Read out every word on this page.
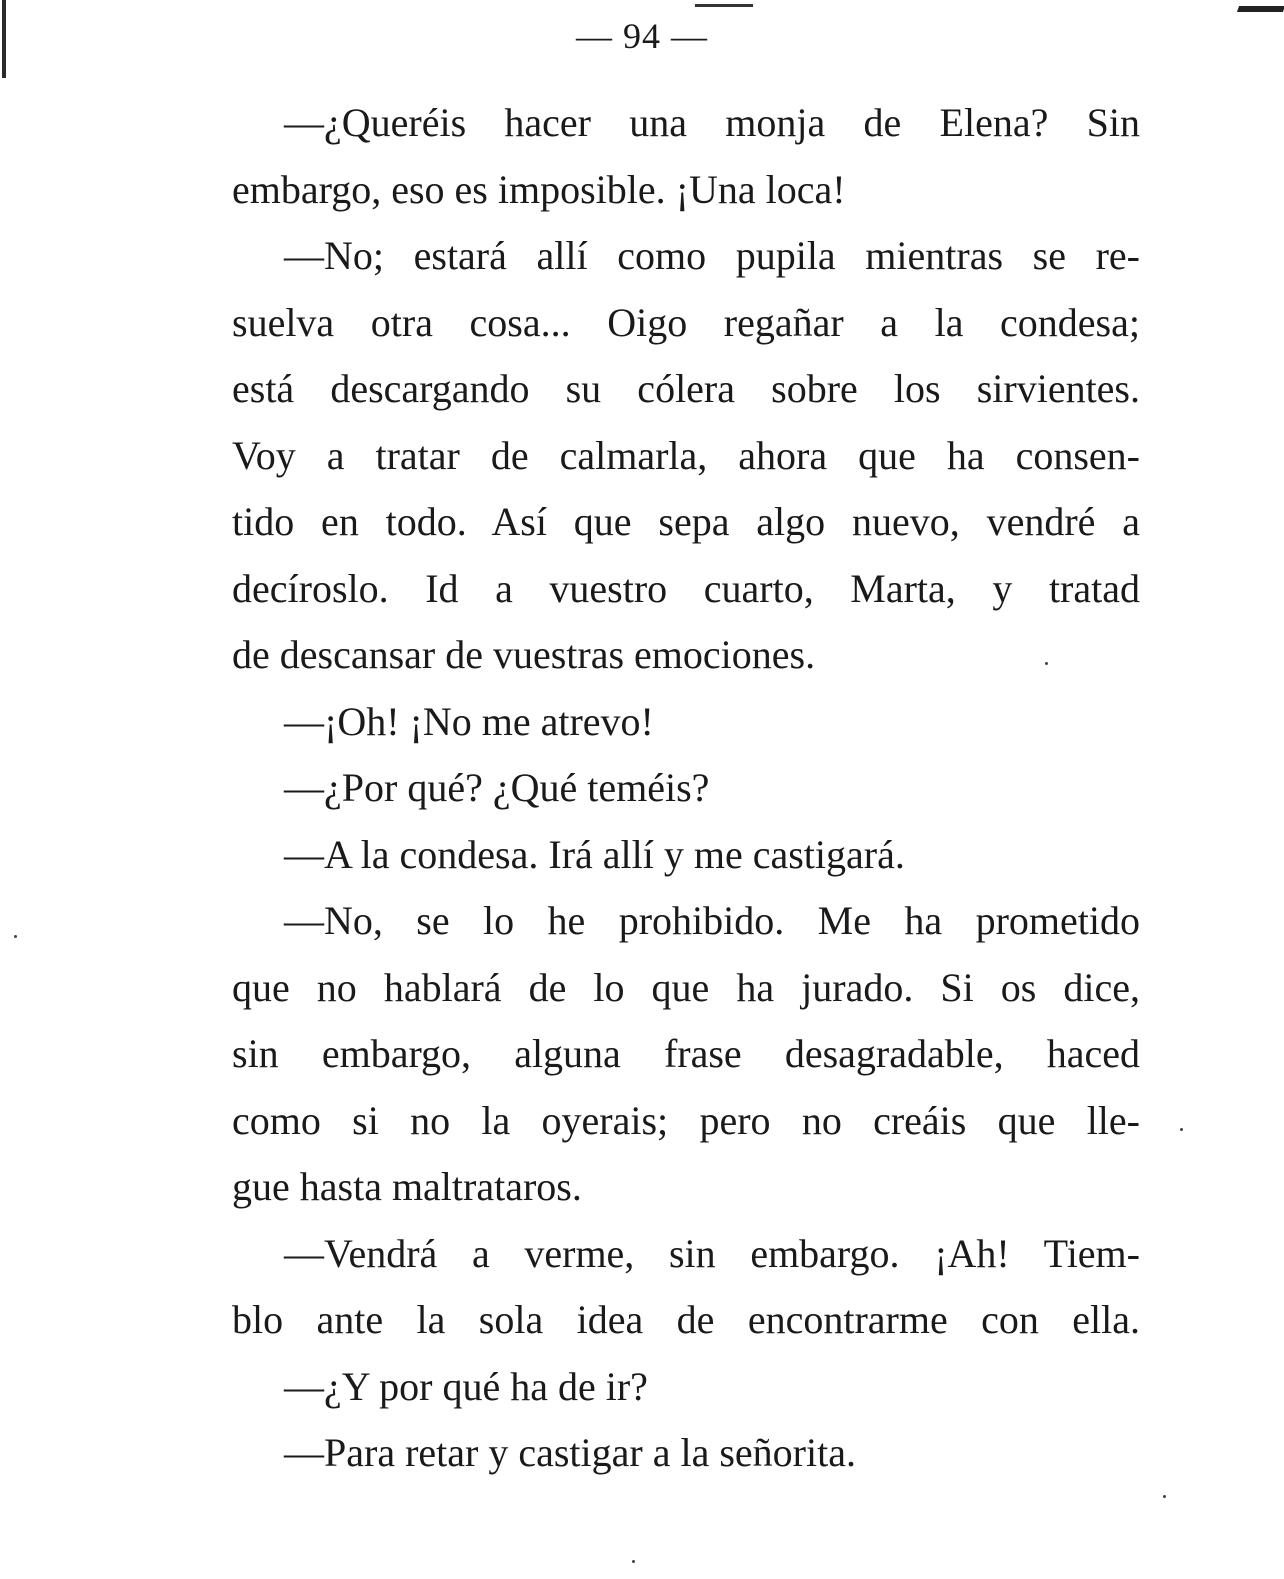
— 94 —
—¿Queréis hacer una monja de Elena? Sin
embargo, eso es imposible. ¡Una loca!
—No; estará allí como pupila mientras se re-
suelva otra cosa... Oigo regañar a la condesa;
está descargando su cólera sobre los sirvientes.
Voy a tratar de calmarla, ahora que ha consen-
tido en todo. Así que sepa algo nuevo, vendré a
decíroslo. Id a vuestro cuarto, Marta, y tratad
de descansar de vuestras emociones.
—¡Oh! ¡No me atrevo!
—¿Por qué? ¿Qué teméis?
—A la condesa. Irá allí y me castigará.
—No, se lo he prohibido. Me ha prometido
que no hablará de lo que ha jurado. Si os dice,
sin embargo, alguna frase desagradable, haced
como si no la oyerais; pero no creáis que lle-
gue hasta maltrataros.
—Vendrá a verme, sin embargo. ¡Ah! Tiem-
blo ante la sola idea de encontrarme con ella.
—¿Y por qué ha de ir?
—Para retar y castigar a la señorita.
